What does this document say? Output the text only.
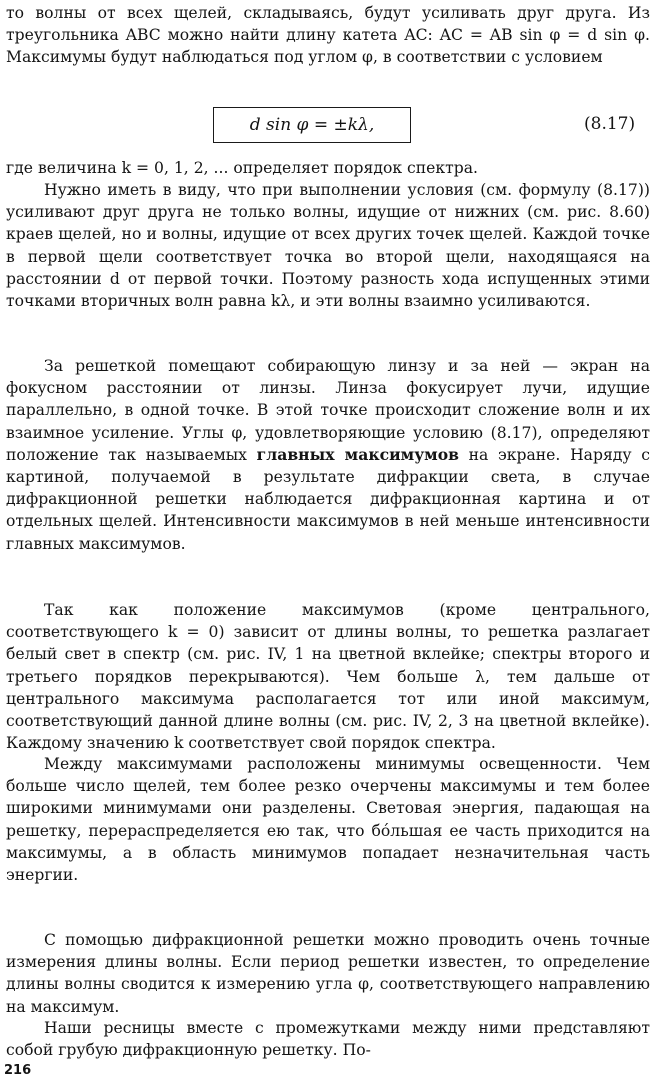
то волны от всех щелей, складываясь, будут усиливать друг друга. Из треугольника ABC можно найти длину катета AC: AC = AB sin φ = d sin φ. Максимумы будут наблюдаться под углом φ, в соответствии с условием

d sin φ = ±kλ,	(8.17)

где величина k = 0, 1, 2, ... определяет порядок спектра.

Нужно иметь в виду, что при выполнении условия (см. формулу (8.17)) усиливают друг друга не только волны, идущие от нижних (см. рис. 8.60) краев щелей, но и волны, идущие от всех других точек щелей. Каждой точке в первой щели соответствует точка во второй щели, находящаяся на расстоянии d от первой точки. Поэтому разность хода испущенных этими точками вторичных волн равна kλ, и эти волны взаимно усиливаются.

За решеткой помещают собирающую линзу и за ней — экран на фокусном расстоянии от линзы. Линза фокусирует лучи, идущие параллельно, в одной точке. В этой точке происходит сложение волн и их взаимное усиление. Углы φ, удовлетворяющие условию (8.17), определяют положение так называемых главных максимумов на экране. Наряду с картиной, получаемой в результате дифракции света, в случае дифракционной решетки наблюдается дифракционная картина и от отдельных щелей. Интенсивности максимумов в ней меньше интенсивности главных максимумов.

Так как положение максимумов (кроме центрального, соответствующего k = 0) зависит от длины волны, то решетка разлагает белый свет в спектр (см. рис. IV, 1 на цветной вклейке; спектры второго и третьего порядков перекрываются). Чем больше λ, тем дальше от центрального максимума располагается тот или иной максимум, соответствующий данной длине волны (см. рис. IV, 2, 3 на цветной вклейке). Каждому значению k соответствует свой порядок спектра.

Между максимумами расположены минимумы освещенности. Чем больше число щелей, тем более резко очерчены максимумы и тем более широкими минимумами они разделены. Световая энергия, падающая на решетку, перераспределяется ею так, что бóльшая ее часть приходится на максимумы, а в область минимумов попадает незначительная часть энергии.

С помощью дифракционной решетки можно проводить очень точные измерения длины волны. Если период решетки известен, то определение длины волны сводится к измерению угла φ, соответствующего направлению на максимум.

Наши ресницы вместе с промежутками между ними представляют собой грубую дифракционную решетку. По-

216
